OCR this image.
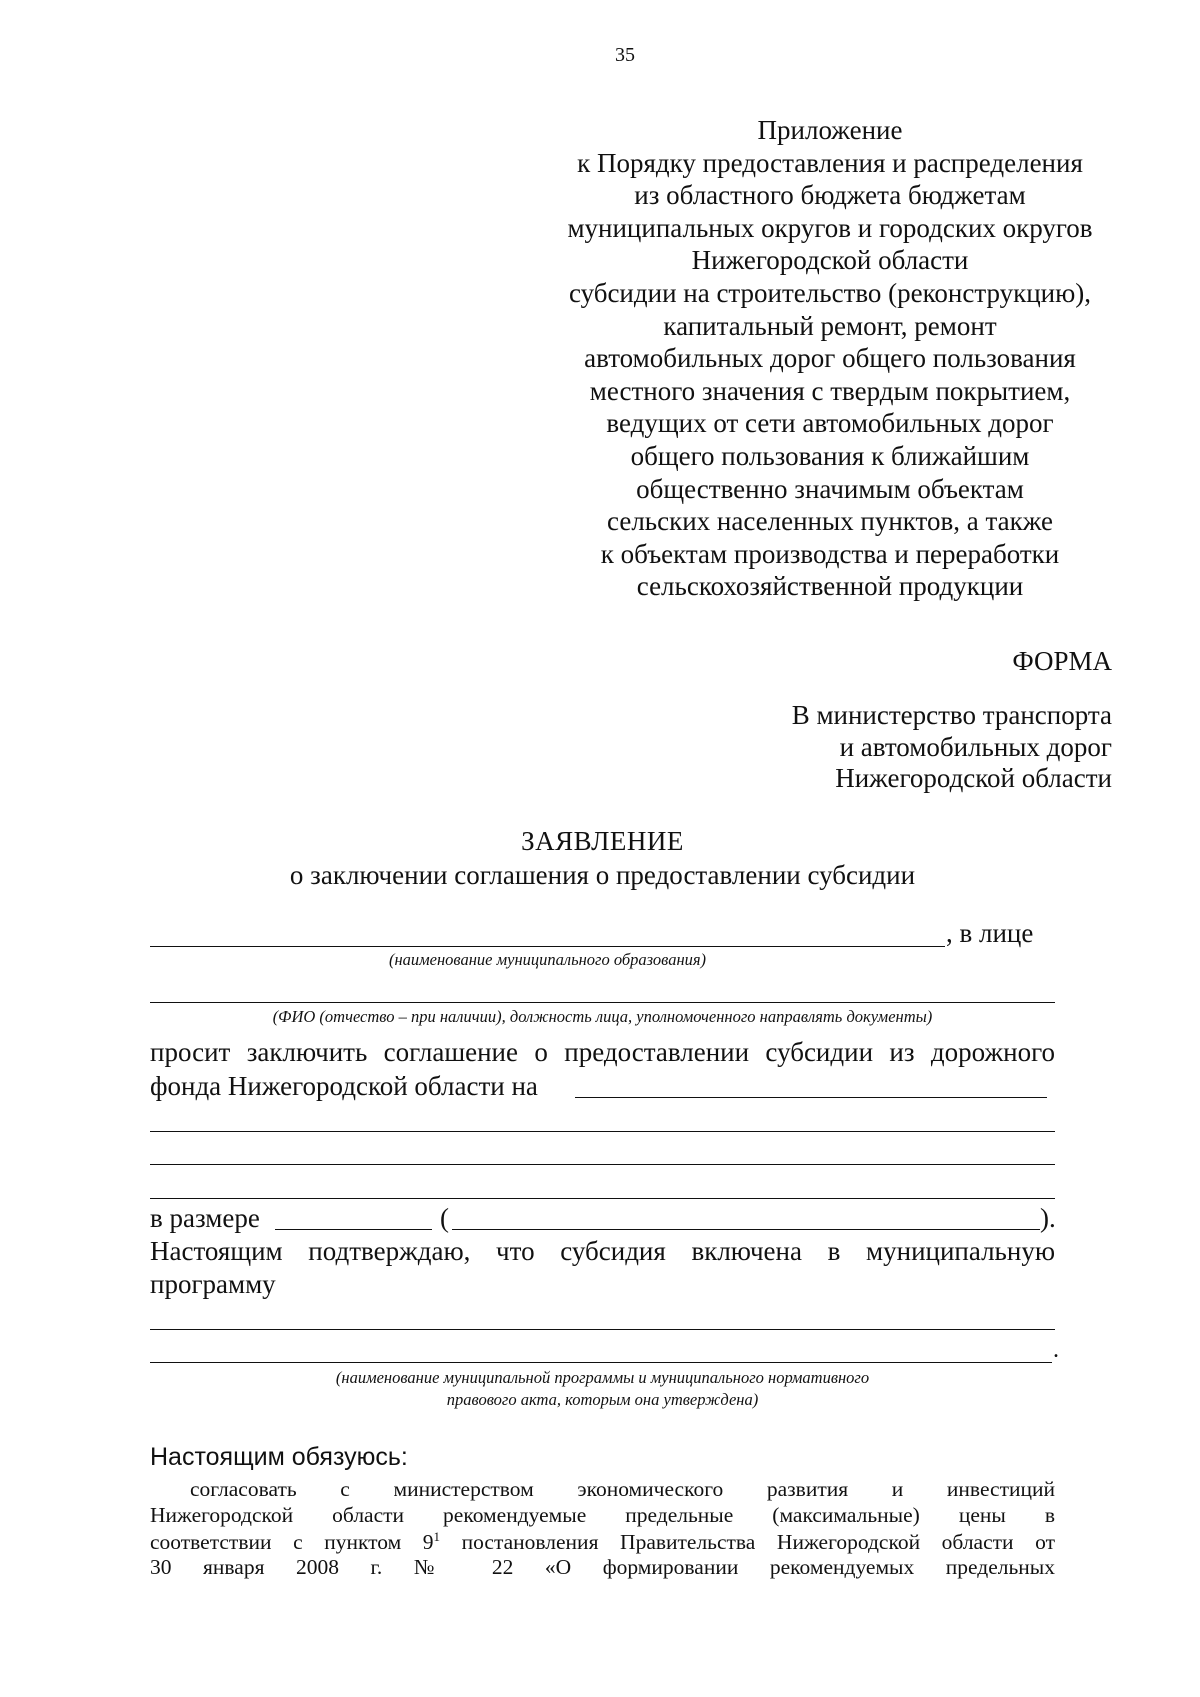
35
Приложение
к Порядку предоставления и распределения
из областного бюджета бюджетам
муниципальных округов и городских округов
Нижегородской области
субсидии на строительство (реконструкцию),
капитальный ремонт, ремонт
автомобильных дорог общего пользования
местного значения с твердым покрытием,
ведущих от сети автомобильных дорог
общего пользования к ближайшим
общественно значимым объектам
сельских населенных пунктов, а также
к объектам производства и переработки
сельскохозяйственной продукции
ФОРМА
В министерство транспорта
и автомобильных дорог
Нижегородской области
ЗАЯВЛЕНИЕ
о заключении соглашения о предоставлении субсидии
, в лице
(наименование муниципального образования)
(ФИО (отчество – при наличии), должность лица, уполномоченного направлять документы)
просит заключить соглашение о предоставлении субсидии из дорожного
фонда Нижегородской области на
в размере	(	).
Настоящим подтверждаю, что субсидия включена в муниципальную
программу
.
(наименование муниципальной программы и муниципального нормативного
правового акта, которым она утверждена)
Настоящим обязуюсь:
согласовать с министерством экономического развития и инвестиций
Нижегородской области рекомендуемые предельные (максимальные) цены в
соответствии с пунктом $9^1$ постановления Правительства Нижегородской области от
30 января 2008 г. № 22 «О формировании рекомендуемых предельных
